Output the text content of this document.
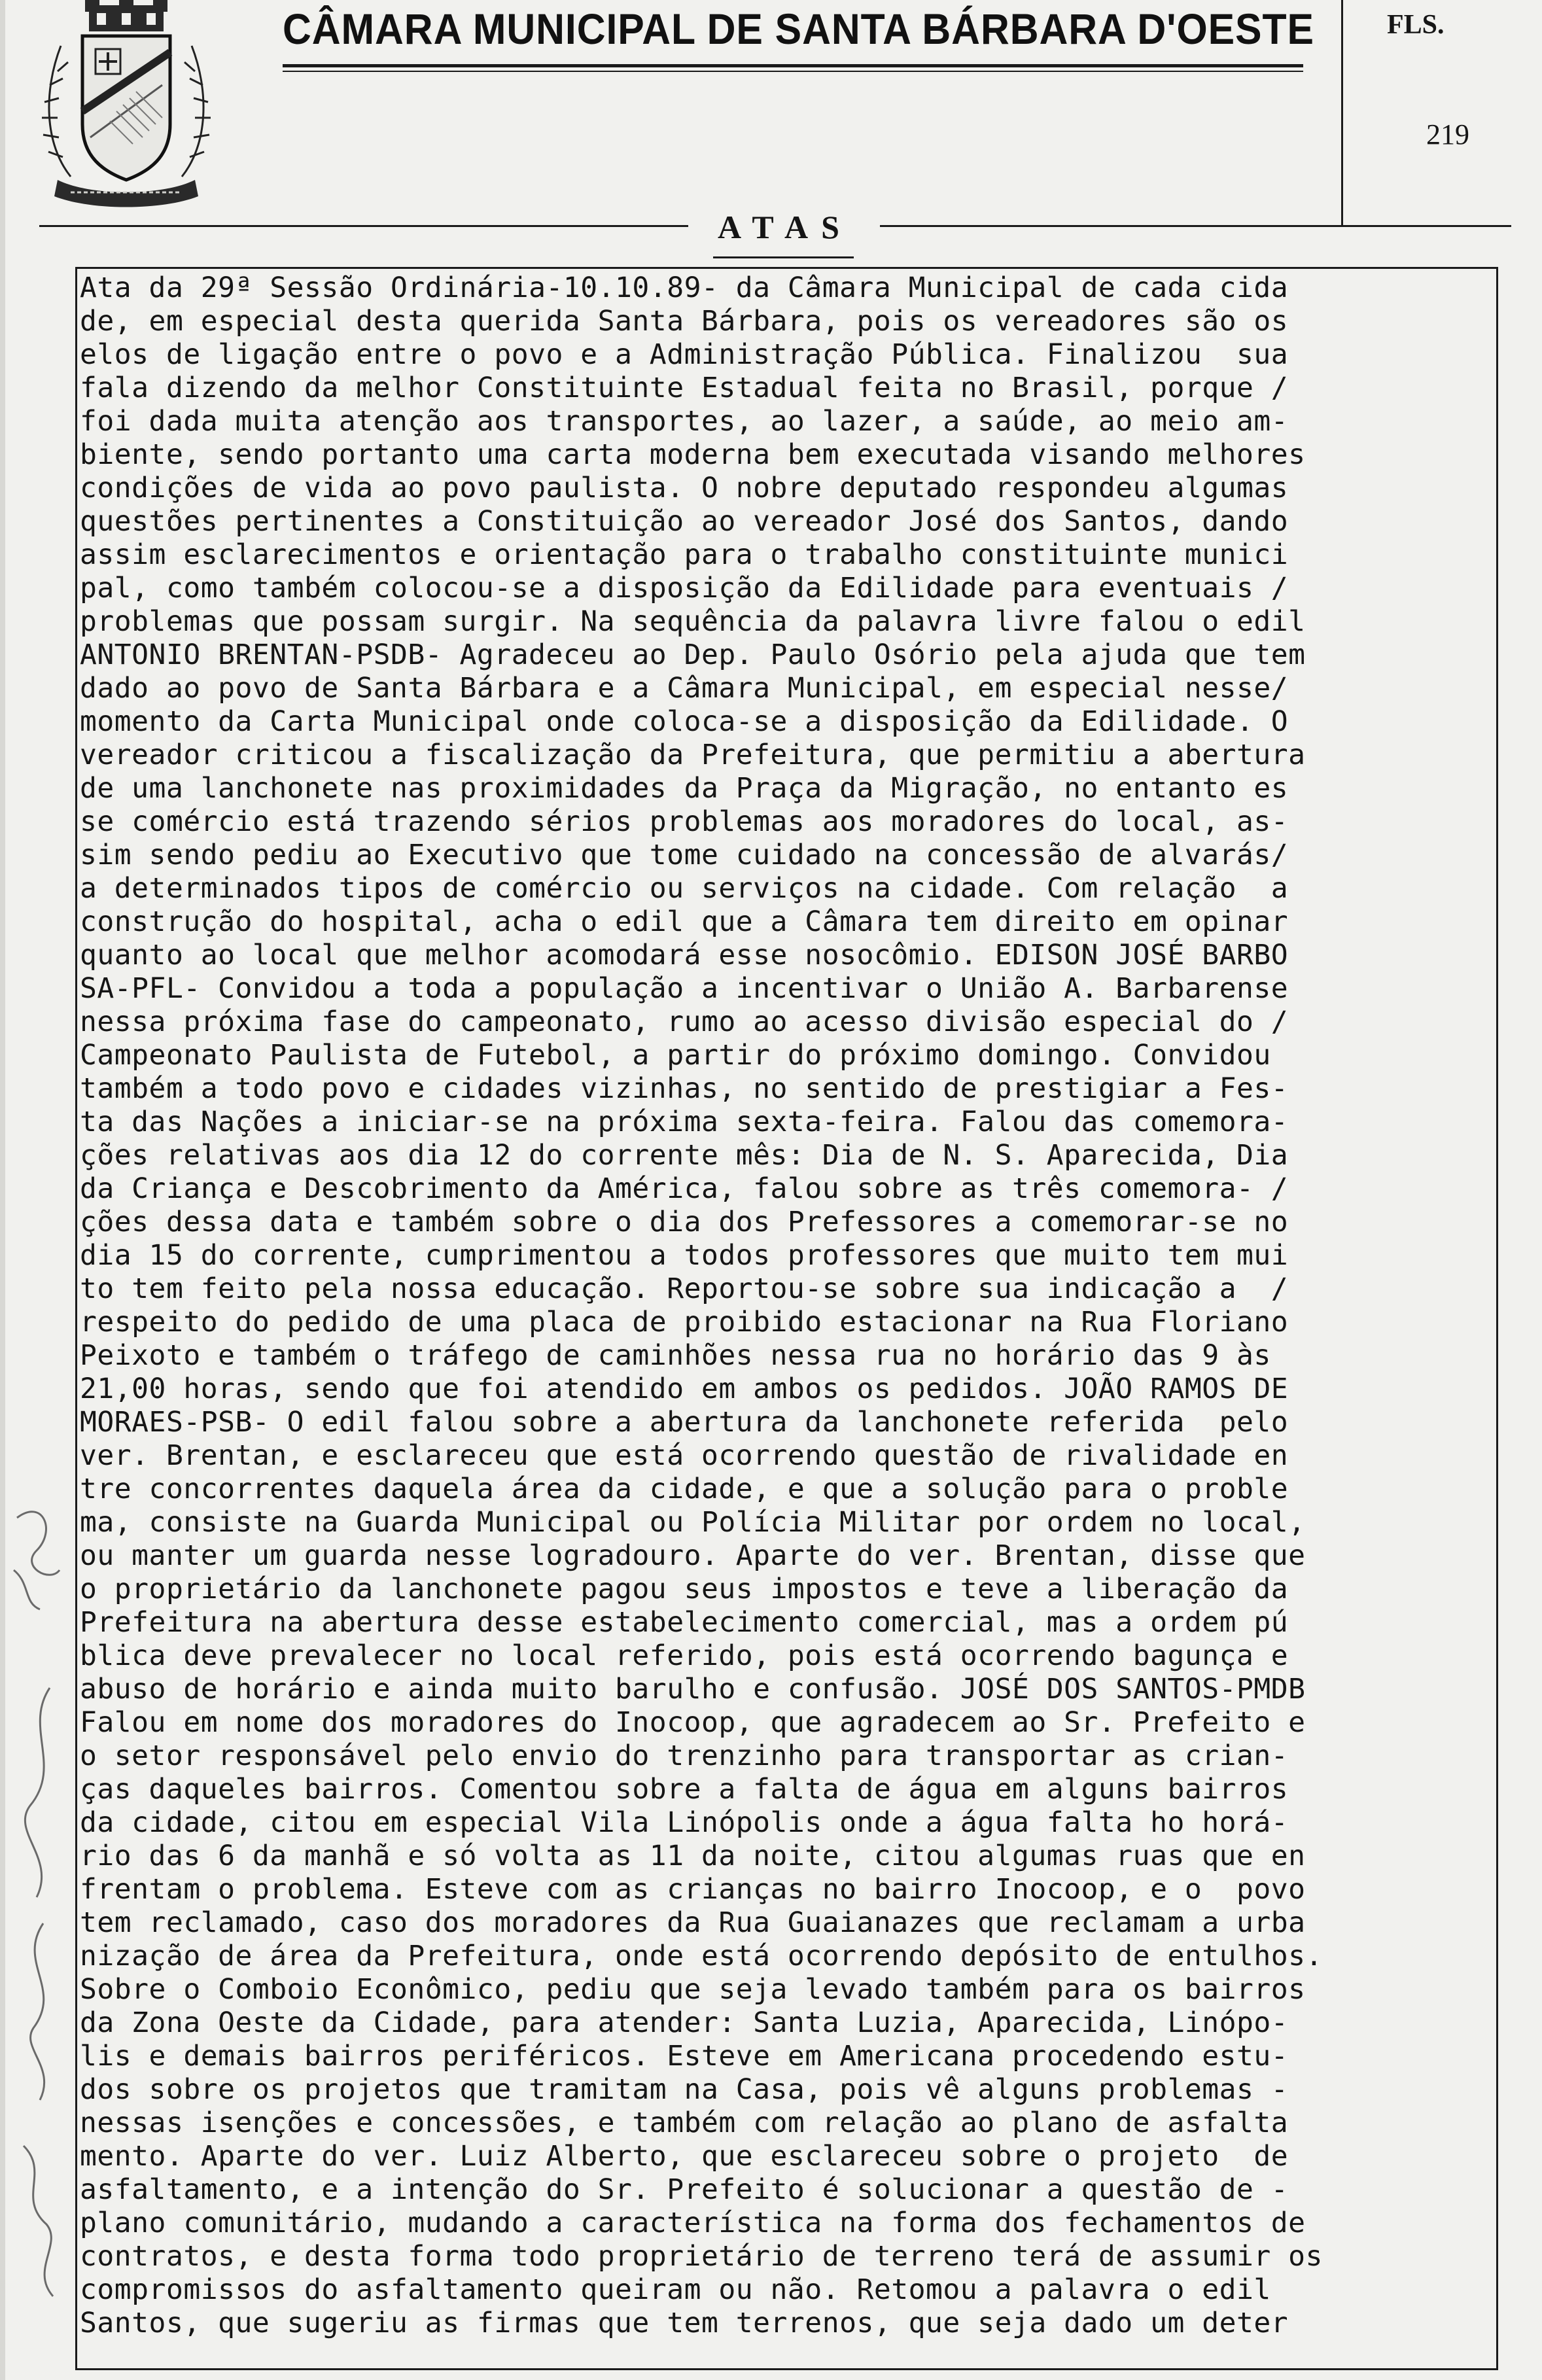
CÂMARA MUNICIPAL DE SANTA BÁRBARA D'OESTE	FLS.
219
ATAS
Ata da 29ª Sessão Ordinária-10.10.89- da Câmara Municipal de cada cida
de, em especial desta querida Santa Bárbara, pois os vereadores são os
elos de ligação entre o povo e a Administração Pública. Finalizou  sua
fala dizendo da melhor Constituinte Estadual feita no Brasil, porque /
foi dada muita atenção aos transportes, ao lazer, a saúde, ao meio am-
biente, sendo portanto uma carta moderna bem executada visando melhores
condições de vida ao povo paulista. O nobre deputado respondeu algumas
questões pertinentes a Constituição ao vereador José dos Santos, dando
assim esclarecimentos e orientação para o trabalho constituinte munici
pal, como também colocou-se a disposição da Edilidade para eventuais /
problemas que possam surgir. Na sequência da palavra livre falou o edil
ANTONIO BRENTAN-PSDB- Agradeceu ao Dep. Paulo Osório pela ajuda que tem
dado ao povo de Santa Bárbara e a Câmara Municipal, em especial nesse/
momento da Carta Municipal onde coloca-se a disposição da Edilidade. O
vereador criticou a fiscalização da Prefeitura, que permitiu a abertura
de uma lanchonete nas proximidades da Praça da Migração, no entanto es
se comércio está trazendo sérios problemas aos moradores do local, as-
sim sendo pediu ao Executivo que tome cuidado na concessão de alvarás/
a determinados tipos de comércio ou serviços na cidade. Com relação  a
construção do hospital, acha o edil que a Câmara tem direito em opinar
quanto ao local que melhor acomodará esse nosocômio. EDISON JOSÉ BARBO
SA-PFL- Convidou a toda a população a incentivar o União A. Barbarense
nessa próxima fase do campeonato, rumo ao acesso divisão especial do /
Campeonato Paulista de Futebol, a partir do próximo domingo. Convidou
também a todo povo e cidades vizinhas, no sentido de prestigiar a Fes-
ta das Nações a iniciar-se na próxima sexta-feira. Falou das comemora-
ções relativas aos dia 12 do corrente mês: Dia de N. S. Aparecida, Dia
da Criança e Descobrimento da América, falou sobre as três comemora- /
ções dessa data e também sobre o dia dos Prefessores a comemorar-se no
dia 15 do corrente, cumprimentou a todos professores que muito tem mui
to tem feito pela nossa educação. Reportou-se sobre sua indicação a  /
respeito do pedido de uma placa de proibido estacionar na Rua Floriano
Peixoto e também o tráfego de caminhões nessa rua no horário das 9 às
21,00 horas, sendo que foi atendido em ambos os pedidos. JOÃO RAMOS DE
MORAES-PSB- O edil falou sobre a abertura da lanchonete referida  pelo
ver. Brentan, e esclareceu que está ocorrendo questão de rivalidade en
tre concorrentes daquela área da cidade, e que a solução para o proble
ma, consiste na Guarda Municipal ou Polícia Militar por ordem no local,
ou manter um guarda nesse logradouro. Aparte do ver. Brentan, disse que
o proprietário da lanchonete pagou seus impostos e teve a liberação da
Prefeitura na abertura desse estabelecimento comercial, mas a ordem pú
blica deve prevalecer no local referido, pois está ocorrendo bagunça e
abuso de horário e ainda muito barulho e confusão. JOSÉ DOS SANTOS-PMDB
Falou em nome dos moradores do Inocoop, que agradecem ao Sr. Prefeito e
o setor responsável pelo envio do trenzinho para transportar as crian-
ças daqueles bairros. Comentou sobre a falta de água em alguns bairros
da cidade, citou em especial Vila Linópolis onde a água falta ho horá-
rio das 6 da manhã e só volta as 11 da noite, citou algumas ruas que en
frentam o problema. Esteve com as crianças no bairro Inocoop, e o  povo
tem reclamado, caso dos moradores da Rua Guaianazes que reclamam a urba
nização de área da Prefeitura, onde está ocorrendo depósito de entulhos.
Sobre o Comboio Econômico, pediu que seja levado também para os bairros
da Zona Oeste da Cidade, para atender: Santa Luzia, Aparecida, Linópo-
lis e demais bairros periféricos. Esteve em Americana procedendo estu-
dos sobre os projetos que tramitam na Casa, pois vê alguns problemas -
nessas isenções e concessões, e também com relação ao plano de asfalta
mento. Aparte do ver. Luiz Alberto, que esclareceu sobre o projeto  de
asfaltamento, e a intenção do Sr. Prefeito é solucionar a questão de -
plano comunitário, mudando a característica na forma dos fechamentos de
contratos, e desta forma todo proprietário de terreno terá de assumir os
compromissos do asfaltamento queiram ou não. Retomou a palavra o edil
Santos, que sugeriu as firmas que tem terrenos, que seja dado um deter
